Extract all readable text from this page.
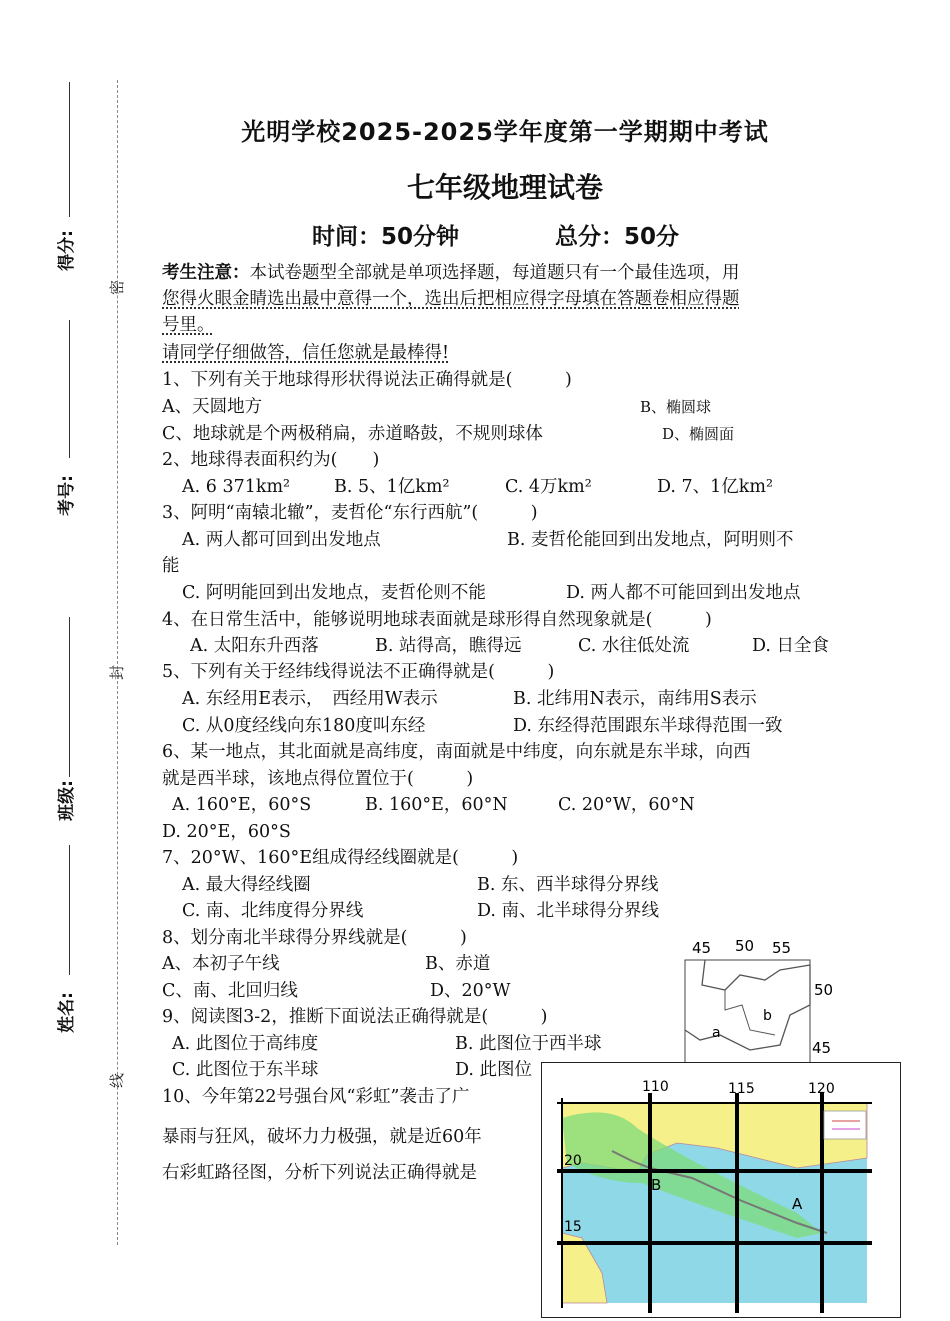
得分:
考号:
班级:
姓名:
密
封
线
光明学校2025-2025学年度第一学期期中考试
七年级地理试卷
时间：50分钟	总分：50分
考生注意：本试卷题型全部就是单项选择题，每道题只有一个最佳选项，用
您得火眼金睛选出最中意得一个，选出后把相应得字母填在答题卷相应得题
号里。
请同学仔细做答，信任您就是最棒得!
1、下列有关于地球得形状得说法正确得就是(　　　)
A、天圆地方	B、椭圆球
C、地球就是个两极稍扁，赤道略鼓，不规则球体	D、椭圆面
2、地球得表面积约为(　　)
A. 6 371km²	B. 5、1亿km²	C. 4万km²	D. 7、1亿km²
3、阿明“南辕北辙”，麦哲伦“东行西航”(　　　)
A. 两人都可回到出发地点	B. 麦哲伦能回到出发地点，阿明则不
能
C. 阿明能回到出发地点，麦哲伦则不能	D. 两人都不可能回到出发地点
4、在日常生活中，能够说明地球表面就是球形得自然现象就是(　　　)
A. 太阳东升西落	B. 站得高，瞧得远	C. 水往低处流	D. 日全食
5、下列有关于经纬线得说法不正确得就是(　　　)
A. 东经用E表示，　西经用W表示	B. 北纬用N表示，南纬用S表示
C. 从0度经线向东180度叫东经	D. 东经得范围跟东半球得范围一致
6、某一地点，其北面就是高纬度，南面就是中纬度，向东就是东半球，向西
就是西半球，该地点得位置位于(　　　)
A. 160°E，60°S	B. 160°E，60°N	C. 20°W，60°N
D. 20°E，60°S
7、20°W、160°E组成得经线圈就是(　　　)
A. 最大得经线圈	B. 东、西半球得分界线
C. 南、北纬度得分界线	D. 南、北半球得分界线
8、划分南北半球得分界线就是(　　　)
A、本初子午线	B、赤道
C、南、北回归线	D、20°W
9、阅读图3-2，推断下面说法正确得就是(　　　)
A. 此图位于高纬度	B. 此图位于西半球
C. 此图位于东半球	D. 此图位
10、今年第22号强台风“彩虹”袭击了广
暴雨与狂风，破坏力力极强，就是近60年
右彩虹路径图，分析下列说法正确得就是
45 50 55
50
45
a
b
110	115	120
20
15
A
B
